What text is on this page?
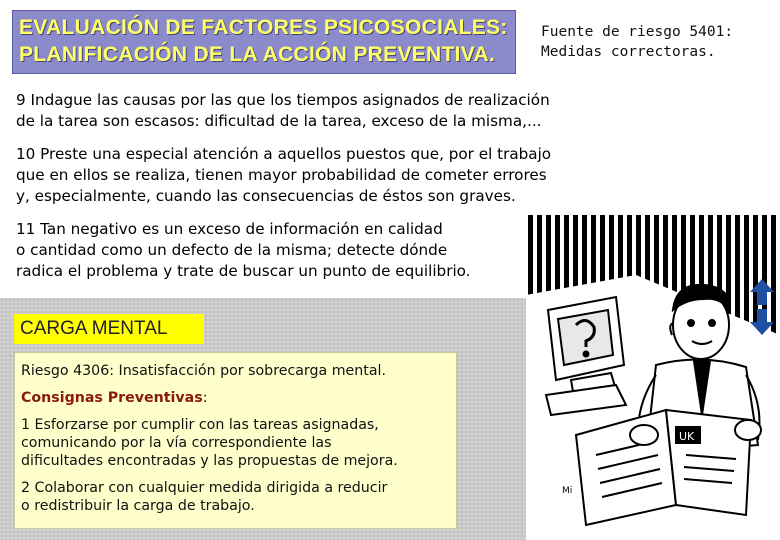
EVALUACIÓN DE FACTORES PSICOSOCIALES:
PLANIFICACIÓN DE LA ACCIÓN PREVENTIVA.
Fuente de riesgo 5401:
Medidas correctoras.
9 Indague las causas por las que los tiempos asignados de realización
de la tarea son escasos: dificultad de la tarea, exceso de la misma,...
10 Preste una especial atención a aquellos puestos que, por el trabajo
que en ellos se realiza, tienen mayor probabilidad de cometer errores
y, especialmente, cuando las consecuencias de éstos son graves.
11 Tan negativo es un exceso de información en calidad
o cantidad como un defecto de la misma; detecte dónde
radica el problema y trate de buscar un punto de equilibrio.
CARGA MENTAL

Riesgo 4306: Insatisfacción por sobrecarga mental.

Consignas Preventivas:

1 Esforzarse por cumplir con las tareas asignadas,
comunicando por la vía correspondiente las
dificultades encontradas y las propuestas de mejora.

2 Colaborar con cualquier medida dirigida a reducir
o redistribuir la carga de trabajo.

UK
Mi
